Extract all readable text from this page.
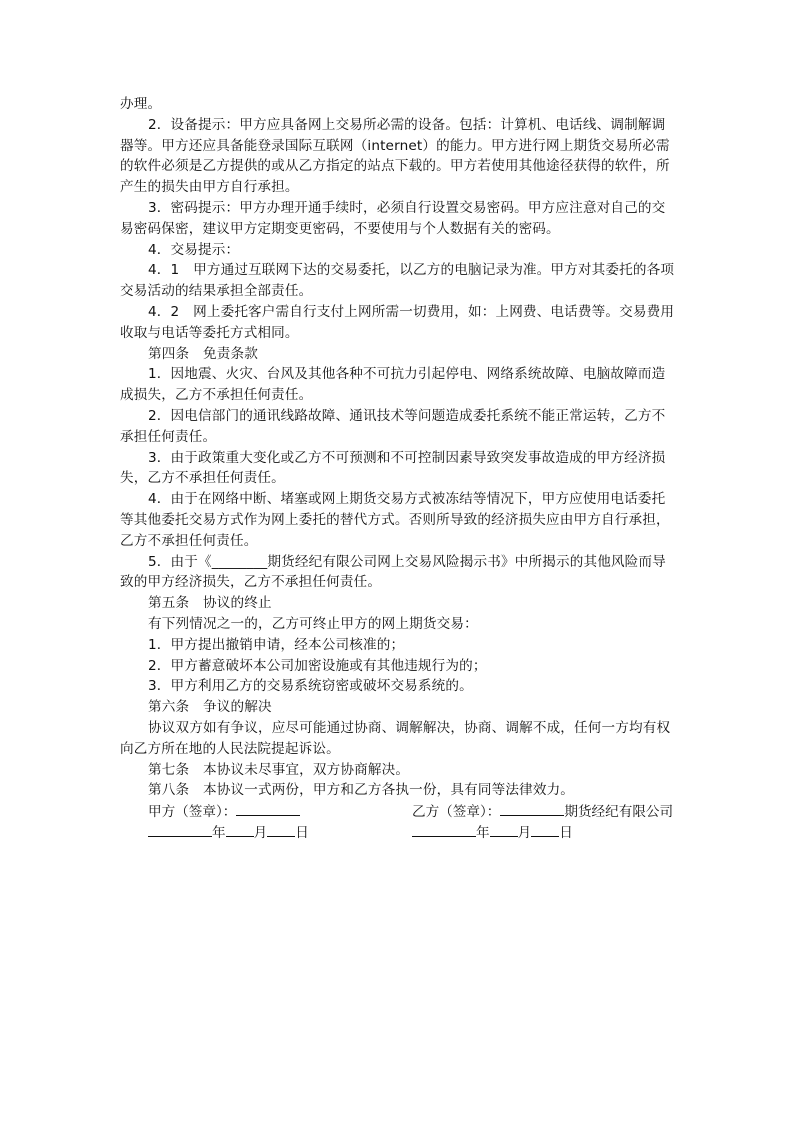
办理。
2．设备提示：甲方应具备网上交易所必需的设备。包括：计算机、电话线、调制解调
器等。甲方还应具备能登录国际互联网（internet）的能力。甲方进行网上期货交易所必需
的软件必须是乙方提供的或从乙方指定的站点下载的。甲方若使用其他途径获得的软件，所
产生的损失由甲方自行承担。
3．密码提示：甲方办理开通手续时，必须自行设置交易密码。甲方应注意对自己的交
易密码保密，建议甲方定期变更密码，不要使用与个人数据有关的密码。
4．交易提示：
4．1　甲方通过互联网下达的交易委托，以乙方的电脑记录为准。甲方对其委托的各项
交易活动的结果承担全部责任。
4．2　网上委托客户需自行支付上网所需一切费用，如：上网费、电话费等。交易费用
收取与电话等委托方式相同。
第四条　免责条款
1．因地震、火灾、台风及其他各种不可抗力引起停电、网络系统故障、电脑故障而造
成损失，乙方不承担任何责任。
2．因电信部门的通讯线路故障、通讯技术等问题造成委托系统不能正常运转，乙方不
承担任何责任。
3．由于政策重大变化或乙方不可预测和不可控制因素导致突发事故造成的甲方经济损
失，乙方不承担任何责任。
4．由于在网络中断、堵塞或网上期货交易方式被冻结等情况下，甲方应使用电话委托
等其他委托交易方式作为网上委托的替代方式。否则所导致的经济损失应由甲方自行承担，
乙方不承担任何责任。
5．由于《________期货经纪有限公司网上交易风险揭示书》中所揭示的其他风险而导
致的甲方经济损失，乙方不承担任何责任。
第五条　协议的终止
有下列情况之一的，乙方可终止甲方的网上期货交易：
1．甲方提出撤销申请，经本公司核准的；
2．甲方蓄意破坏本公司加密设施或有其他违规行为的；
3．甲方利用乙方的交易系统窃密或破坏交易系统的。
第六条　争议的解决
协议双方如有争议，应尽可能通过协商、调解解决，协商、调解不成，任何一方均有权
向乙方所在地的人民法院提起诉讼。
第七条　本协议未尽事宜，双方协商解决。
第八条　本协议一式两份，甲方和乙方各执一份，具有同等法律效力。
甲方（签章）：	乙方（签章）：	期货经纪有限公司
年 月 日	年 月 日
